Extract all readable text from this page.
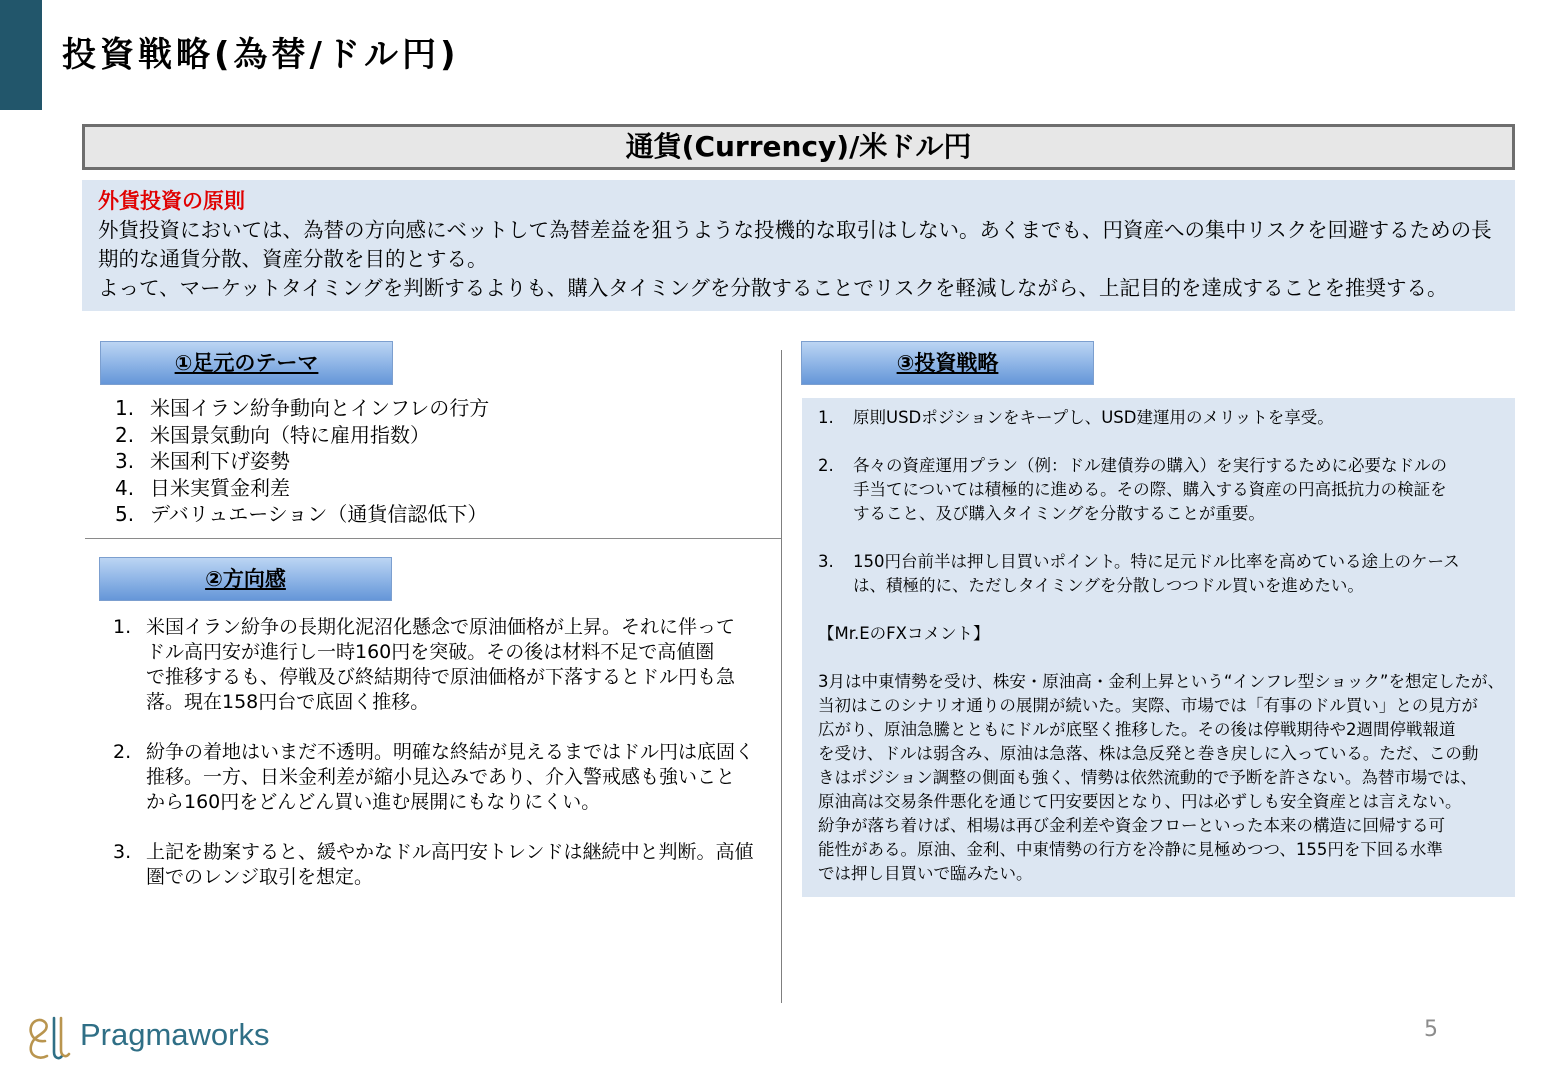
投資戦略(為替/ドル円)
通貨(Currency)/米ドル円
外貨投資の原則
外貨投資においては、為替の方向感にベットして為替差益を狙うような投機的な取引はしない。あくまでも、円資産への集中リスクを回避するための長
期的な通貨分散、資産分散を目的とする。
よって、マーケットタイミングを判断するよりも、購入タイミングを分散することでリスクを軽減しながら、上記目的を達成することを推奨する。
①足元のテーマ
1. 米国イラン紛争動向とインフレの行方
2. 米国景気動向（特に雇用指数）
3. 米国利下げ姿勢
4. 日米実質金利差
5. デバリュエーション（通貨信認低下）
②方向感
1. 米国イラン紛争の長期化泥沼化懸念で原油価格が上昇。それに伴って
ドル高円安が進行し一時160円を突破。その後は材料不足で高値圏
で推移するも、停戦及び終結期待で原油価格が下落するとドル円も急
落。現在158円台で底固く推移。
2. 紛争の着地はいまだ不透明。明確な終結が見えるまではドル円は底固く
推移。一方、日米金利差が縮小見込みであり、介入警戒感も強いこと
から160円をどんどん買い進む展開にもなりにくい。
3. 上記を勘案すると、緩やかなドル高円安トレンドは継続中と判断。高値
圏でのレンジ取引を想定。
③投資戦略
1.	原則USDポジションをキープし、USD建運用のメリットを享受。
2.	各々の資産運用プラン（例：ドル建債券の購入）を実行するために必要なドルの
手当てについては積極的に進める。その際、購入する資産の円高抵抗力の検証を
すること、及び購入タイミングを分散することが重要。
3.	150円台前半は押し目買いポイント。特に足元ドル比率を高めている途上のケース
は、積極的に、ただしタイミングを分散しつつドル買いを進めたい。
【Mr.EのFXコメント】
3月は中東情勢を受け、株安・原油高・金利上昇という“インフレ型ショック”を想定したが、
当初はこのシナリオ通りの展開が続いた。実際、市場では「有事のドル買い」との見方が
広がり、原油急騰とともにドルが底堅く推移した。その後は停戦期待や2週間停戦報道
を受け、ドルは弱含み、原油は急落、株は急反発と巻き戻しに入っている。ただ、この動
きはポジション調整の側面も強く、情勢は依然流動的で予断を許さない。為替市場では、
原油高は交易条件悪化を通じて円安要因となり、円は必ずしも安全資産とは言えない。
紛争が落ち着けば、相場は再び金利差や資金フローといった本来の構造に回帰する可
能性がある。原油、金利、中東情勢の行方を冷静に見極めつつ、155円を下回る水準
では押し目買いで臨みたい。
Pragmaworks	5
